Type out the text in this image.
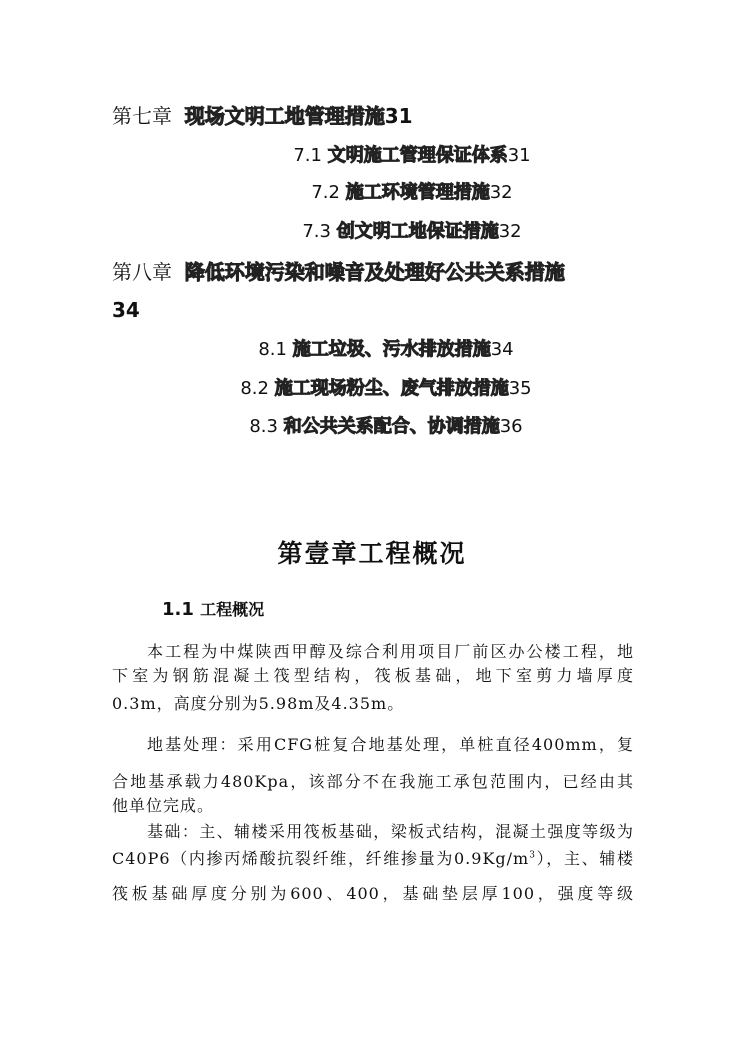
第七章 现场文明工地管理措施31
7.1 文明施工管理保证体系31
7.2 施工环境管理措施32
7.3 创文明工地保证措施32
第八章 降低环境污染和噪音及处理好公共关系措施
34
8.1 施工垃圾、污水排放措施34
8.2 施工现场粉尘、废气排放措施35
8.3 和公共关系配合、协调措施36
第壹章工程概况
1.1 工程概况
本工程为中煤陕西甲醇及综合利用项目厂前区办公楼工程，地
下室为钢筋混凝土筏型结构，筏板基础，地下室剪力墙厚度
0.3m，高度分别为5.98m及4.35m。
地基处理：采用CFG桩复合地基处理，单桩直径400mm，复
合地基承载力480Kpa，该部分不在我施工承包范围内，已经由其
他单位完成。
基础：主、辅楼采用筏板基础，梁板式结构，混凝土强度等级为
C40P6（内掺丙烯酸抗裂纤维，纤维掺量为$0.9Kg/m^3$），主、辅楼
筏板基础厚度分别为600、400，基础垫层厚100，强度等级
